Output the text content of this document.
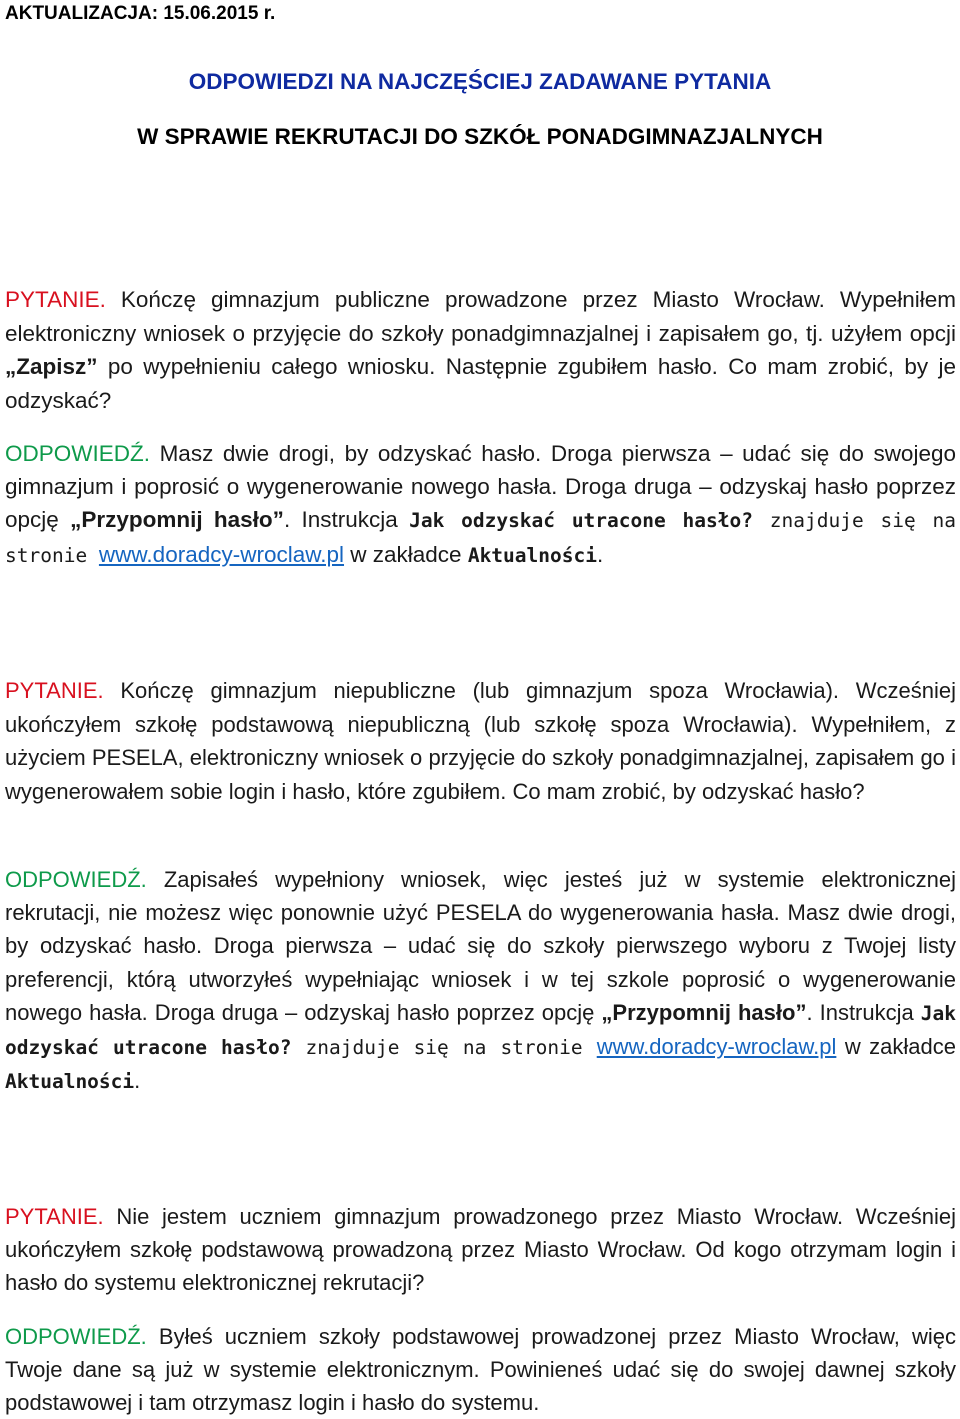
AKTUALIZACJA: 15.06.2015 r.

ODPOWIEDZI NA NAJCZĘŚCIEJ ZADAWANE PYTANIA

W SPRAWIE REKRUTACJI DO SZKÓŁ PONADGIMNAZJALNYCH

PYTANIE. Kończę gimnazjum publiczne prowadzone przez Miasto Wrocław. Wypełniłem elektroniczny wniosek o przyjęcie do szkoły ponadgimnazjalnej i zapisałem go, tj. użyłem opcji „Zapisz” po wypełnieniu całego wniosku. Następnie zgubiłem hasło. Co mam zrobić, by je odzyskać?

ODPOWIEDŹ. Masz dwie drogi, by odzyskać hasło. Droga pierwsza – udać się do swojego gimnazjum i poprosić o wygenerowanie nowego hasła. Droga druga – odzyskaj hasło poprzez opcję „Przypomnij hasło”. Instrukcja Jak odzyskać utracone hasło? znajduje się na stronie www.doradcy-wroclaw.pl w zakładce Aktualności.

PYTANIE. Kończę gimnazjum niepubliczne (lub gimnazjum spoza Wrocławia). Wcześniej ukończyłem szkołę podstawową niepubliczną (lub szkołę spoza Wrocławia). Wypełniłem, z użyciem PESELA, elektroniczny wniosek o przyjęcie do szkoły ponadgimnazjalnej, zapisałem go i wygenerowałem sobie login i hasło, które zgubiłem. Co mam zrobić, by odzyskać hasło?

ODPOWIEDŹ. Zapisałeś wypełniony wniosek, więc jesteś już w systemie elektronicznej rekrutacji, nie możesz więc ponownie użyć PESELA do wygenerowania hasła. Masz dwie drogi, by odzyskać hasło. Droga pierwsza – udać się do szkoły pierwszego wyboru z Twojej listy preferencji, którą utworzyłeś wypełniając wniosek i w tej szkole poprosić o wygenerowanie nowego hasła. Droga druga – odzyskaj hasło poprzez opcję „Przypomnij hasło”. Instrukcja Jak odzyskać utracone hasło? znajduje się na stronie www.doradcy-wroclaw.pl w zakładce Aktualności.

PYTANIE. Nie jestem uczniem gimnazjum prowadzonego przez Miasto Wrocław. Wcześniej ukończyłem szkołę podstawową prowadzoną przez Miasto Wrocław. Od kogo otrzymam login i hasło do systemu elektronicznej rekrutacji?

ODPOWIEDŹ. Byłeś uczniem szkoły podstawowej prowadzonej przez Miasto Wrocław, więc Twoje dane są już w systemie elektronicznym. Powinieneś udać się do swojej dawnej szkoły podstawowej i tam otrzymasz login i hasło do systemu.
